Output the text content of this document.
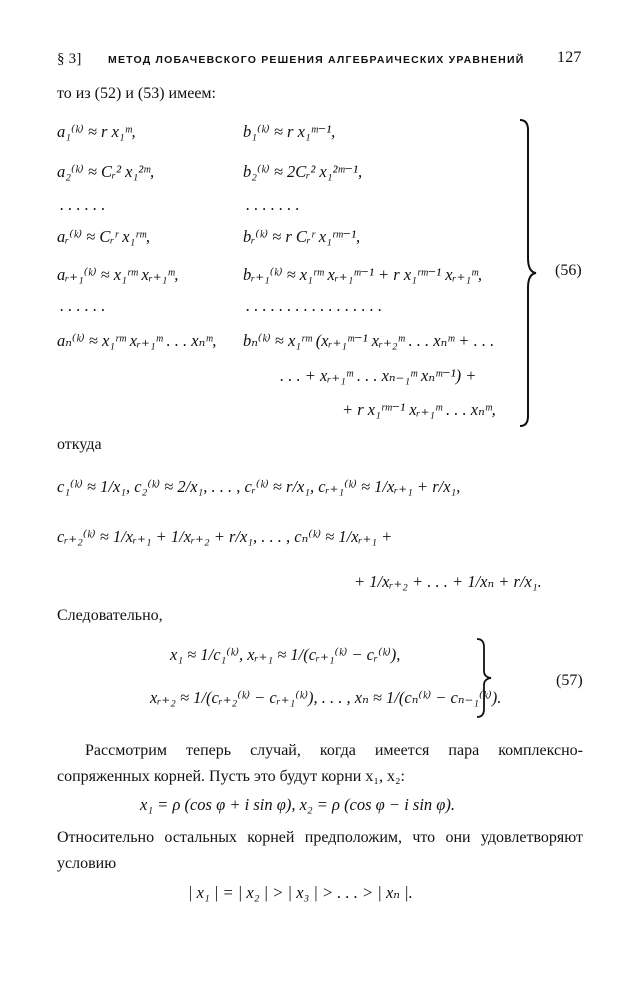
§ 3]	МЕТОД ЛОБАЧЕВСКОГО РЕШЕНИЯ АЛГЕБРАИЧЕСКИХ УРАВНЕНИЙ 127
то из (52) и (53) имеем:
a₁⁽ᵏ⁾ ≈ r x₁ᵐ,
a₂⁽ᵏ⁾ ≈ Cᵣ² x₁²ᵐ,
. . . . . .
aᵣ⁽ᵏ⁾ ≈ Cᵣʳ x₁ʳᵐ,
aᵣ₊₁⁽ᵏ⁾ ≈ x₁ʳᵐ xᵣ₊₁ᵐ,
. . . . . .
aₙ⁽ᵏ⁾ ≈ x₁ʳᵐ xᵣ₊₁ᵐ . . . xₙᵐ,
b₁⁽ᵏ⁾ ≈ r x₁ᵐ⁻¹,
b₂⁽ᵏ⁾ ≈ 2Cᵣ² x₁²ᵐ⁻¹,
. . . . . . .
bᵣ⁽ᵏ⁾ ≈ r Cᵣʳ x₁ʳᵐ⁻¹,
bᵣ₊₁⁽ᵏ⁾ ≈ x₁ʳᵐ xᵣ₊₁ᵐ⁻¹ + r x₁ʳᵐ⁻¹ xᵣ₊₁ᵐ,
. . . . . . . . . . . . . . . . .
bₙ⁽ᵏ⁾ ≈ x₁ʳᵐ (xᵣ₊₁ᵐ⁻¹ xᵣ₊₂ᵐ . . . xₙᵐ + . . .
. . . + xᵣ₊₁ᵐ . . . xₙ₋₁ᵐ xₙᵐ⁻¹) +
+ r x₁ʳᵐ⁻¹ xᵣ₊₁ᵐ . . . xₙᵐ,
(56)
откуда
c₁⁽ᵏ⁾ ≈ 1/x₁, c₂⁽ᵏ⁾ ≈ 2/x₁, . . . , cᵣ⁽ᵏ⁾ ≈ r/x₁, cᵣ₊₁⁽ᵏ⁾ ≈ 1/xᵣ₊₁ + r/x₁,
cᵣ₊₂⁽ᵏ⁾ ≈ 1/xᵣ₊₁ + 1/xᵣ₊₂ + r/x₁, . . . , cₙ⁽ᵏ⁾ ≈ 1/xᵣ₊₁ +
+ 1/xᵣ₊₂ + . . . + 1/xₙ + r/x₁.
Следовательно,
x₁ ≈ 1/c₁⁽ᵏ⁾, xᵣ₊₁ ≈ 1/(cᵣ₊₁⁽ᵏ⁾ − cᵣ⁽ᵏ⁾),
xᵣ₊₂ ≈ 1/(cᵣ₊₂⁽ᵏ⁾ − cᵣ₊₁⁽ᵏ⁾), . . . , xₙ ≈ 1/(cₙ⁽ᵏ⁾ − cₙ₋₁⁽ᵏ⁾).
(57)
Рассмотрим теперь случай, когда имеется пара комплексно-сопряженных корней. Пусть это будут корни x₁, x₂:
x₁ = ρ (cos φ + i sin φ), x₂ = ρ (cos φ − i sin φ).
Относительно остальных корней предположим, что они удовлетворяют условию
| x₁ | = | x₂ | > | x₃ | > . . . > | xₙ |.
